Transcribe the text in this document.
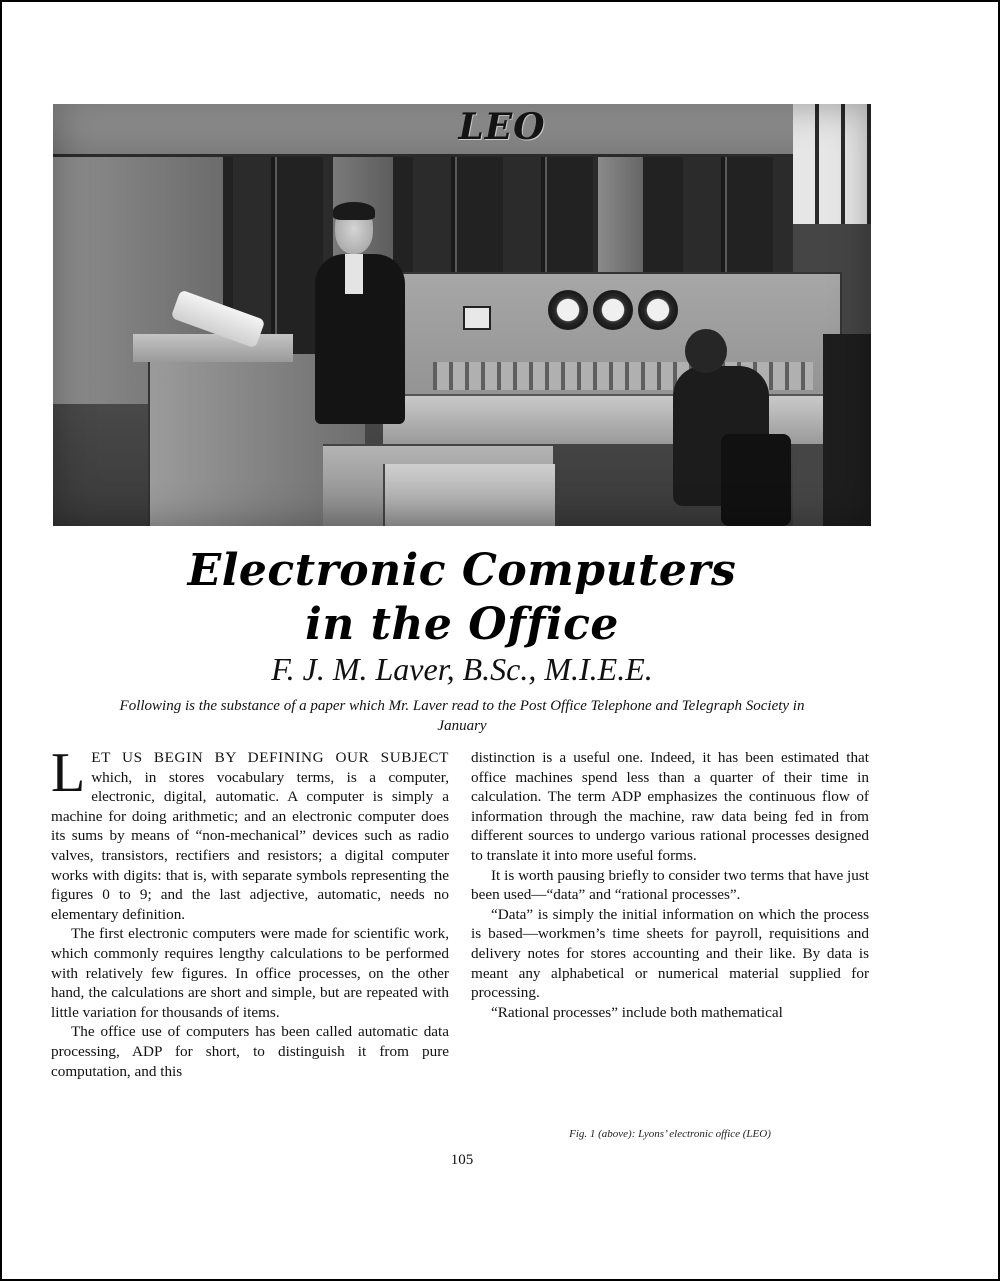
LEO
Electronic Computers
in the Office
F. J. M. Laver, B.Sc., M.I.E.E.
Following is the substance of a paper which Mr. Laver read to the Post Office Telephone and Telegraph Society in January

LET US BEGIN BY DEFINING OUR SUBJECT which, in stores vocabulary terms, is a computer, electronic, digital, automatic. A computer is simply a machine for doing arithmetic; and an electronic computer does its sums by means of “non-mechanical” devices such as radio valves, transistors, rectifiers and resistors; a digital computer works with digits: that is, with separate symbols representing the figures 0 to 9; and the last adjective, automatic, needs no elementary definition.

The first electronic computers were made for scientific work, which commonly requires lengthy calculations to be performed with relatively few figures. In office processes, on the other hand, the calculations are short and simple, but are repeated with little variation for thousands of items.

The office use of computers has been called automatic data processing, ADP for short, to distinguish it from pure computation, and this

distinction is a useful one. Indeed, it has been estimated that office machines spend less than a quarter of their time in calculation. The term ADP emphasizes the continuous flow of information through the machine, raw data being fed in from different sources to undergo various rational processes designed to translate it into more useful forms.

It is worth pausing briefly to consider two terms that have just been used—“data” and “rational processes”.

“Data” is simply the initial information on which the process is based—workmen’s time sheets for payroll, requisitions and delivery notes for stores accounting and their like. By data is meant any alphabetical or numerical material supplied for processing.

“Rational processes” include both mathematical

Fig. 1 (above): Lyons’ electronic office (LEO)
105
